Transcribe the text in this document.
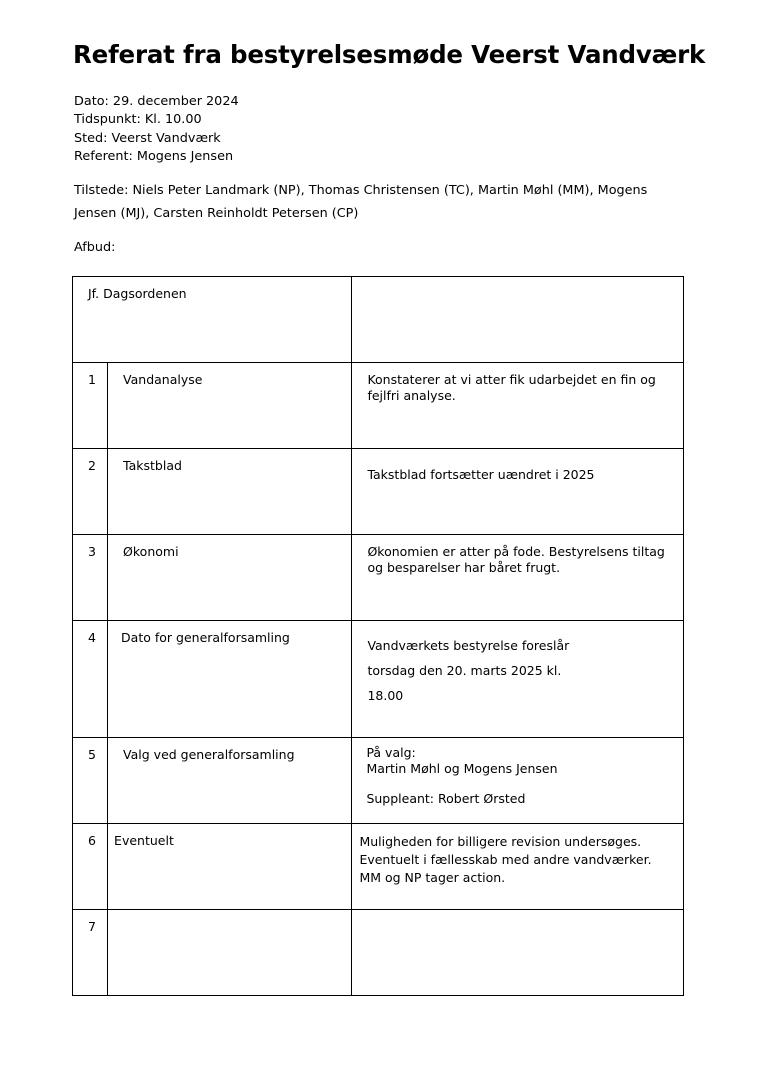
Referat fra bestyrelsesmøde Veerst Vandværk
Dato: 29. december 2024
Tidspunkt: Kl. 10.00
Sted: Veerst Vandværk
Referent: Mogens Jensen
Tilstede: Niels Peter Landmark (NP), Thomas Christensen (TC), Martin Møhl (MM), Mogens Jensen (MJ), Carsten Reinholdt Petersen (CP)
Afbud:
Jf. Dagsordenen		

1	Vandanalyse	Konstaterer at vi atter fik udarbejdet en fin og fejlfri analyse.

2	Takstblad	Takstblad fortsætter uændret i 2025

3	Økonomi	Økonomien er atter på fode. Bestyrelsens tiltag og besparelser har båret frugt.

4	Dato for generalforsamling	Vandværkets bestyrelse foreslår
torsdag den 20. marts 2025 kl.
18.00

5	Valg ved generalforsamling	På valg:
Martin Møhl og Mogens Jensen
Suppleant: Robert Ørsted

6	Eventuelt	Muligheden for billigere revision undersøges.
Eventuelt i fællesskab med andre vandværker.
MM og NP tager action.

7		
